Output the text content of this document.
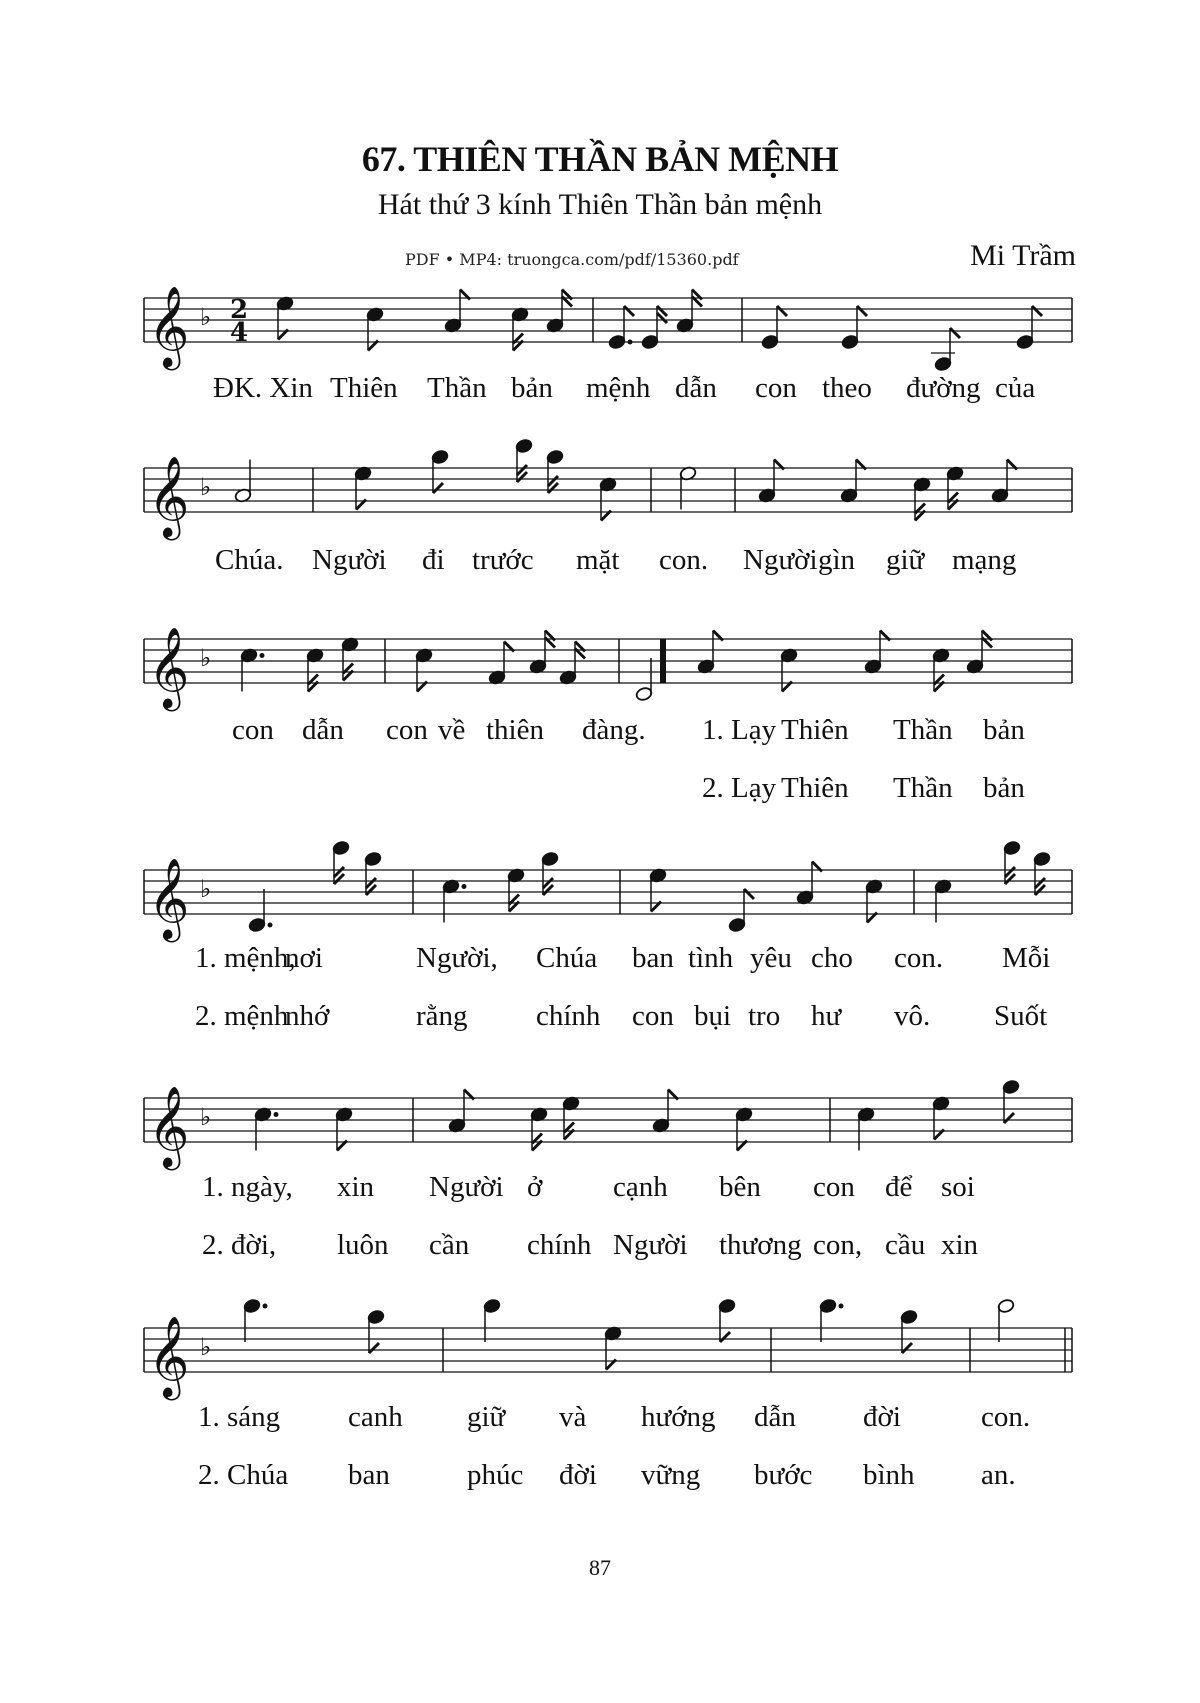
67. THIÊN THẦN BẢN MỆNH
Hát thứ 3 kính Thiên Thần bản mệnh
PDF • MP4: truongca.com/pdf/15360.pdf	Mi Trầm
𝄞 ♭ 2
4
𝄞 ♭
𝄞 ♭
𝄞 ♭
𝄞 ♭
𝄞 ♭
ĐK. Xin Thiên Thần bản mệnh dẫn con theo đường của
Chúa. Người đi trước mặt con. Người gìn giữ mạng
con dẫn con về thiên đàng. 1. Lạy Thiên Thần bản
2. Lạy Thiên Thần bản
1. mệnh,
nơi	Người, Chúa ban tình yêu cho con. Mỗi
2. mệnh
nhớ	rằng chính con bụi tro hư vô. Suốt
1. ngày, xin Người ở cạnh bên con để soi
2. đời, luôn cần chính Người thương con, cầu xin
1. sáng canh giữ và hướng dẫn đời	con.
2. Chúa ban	phúc đời vững bước bình an.
87
